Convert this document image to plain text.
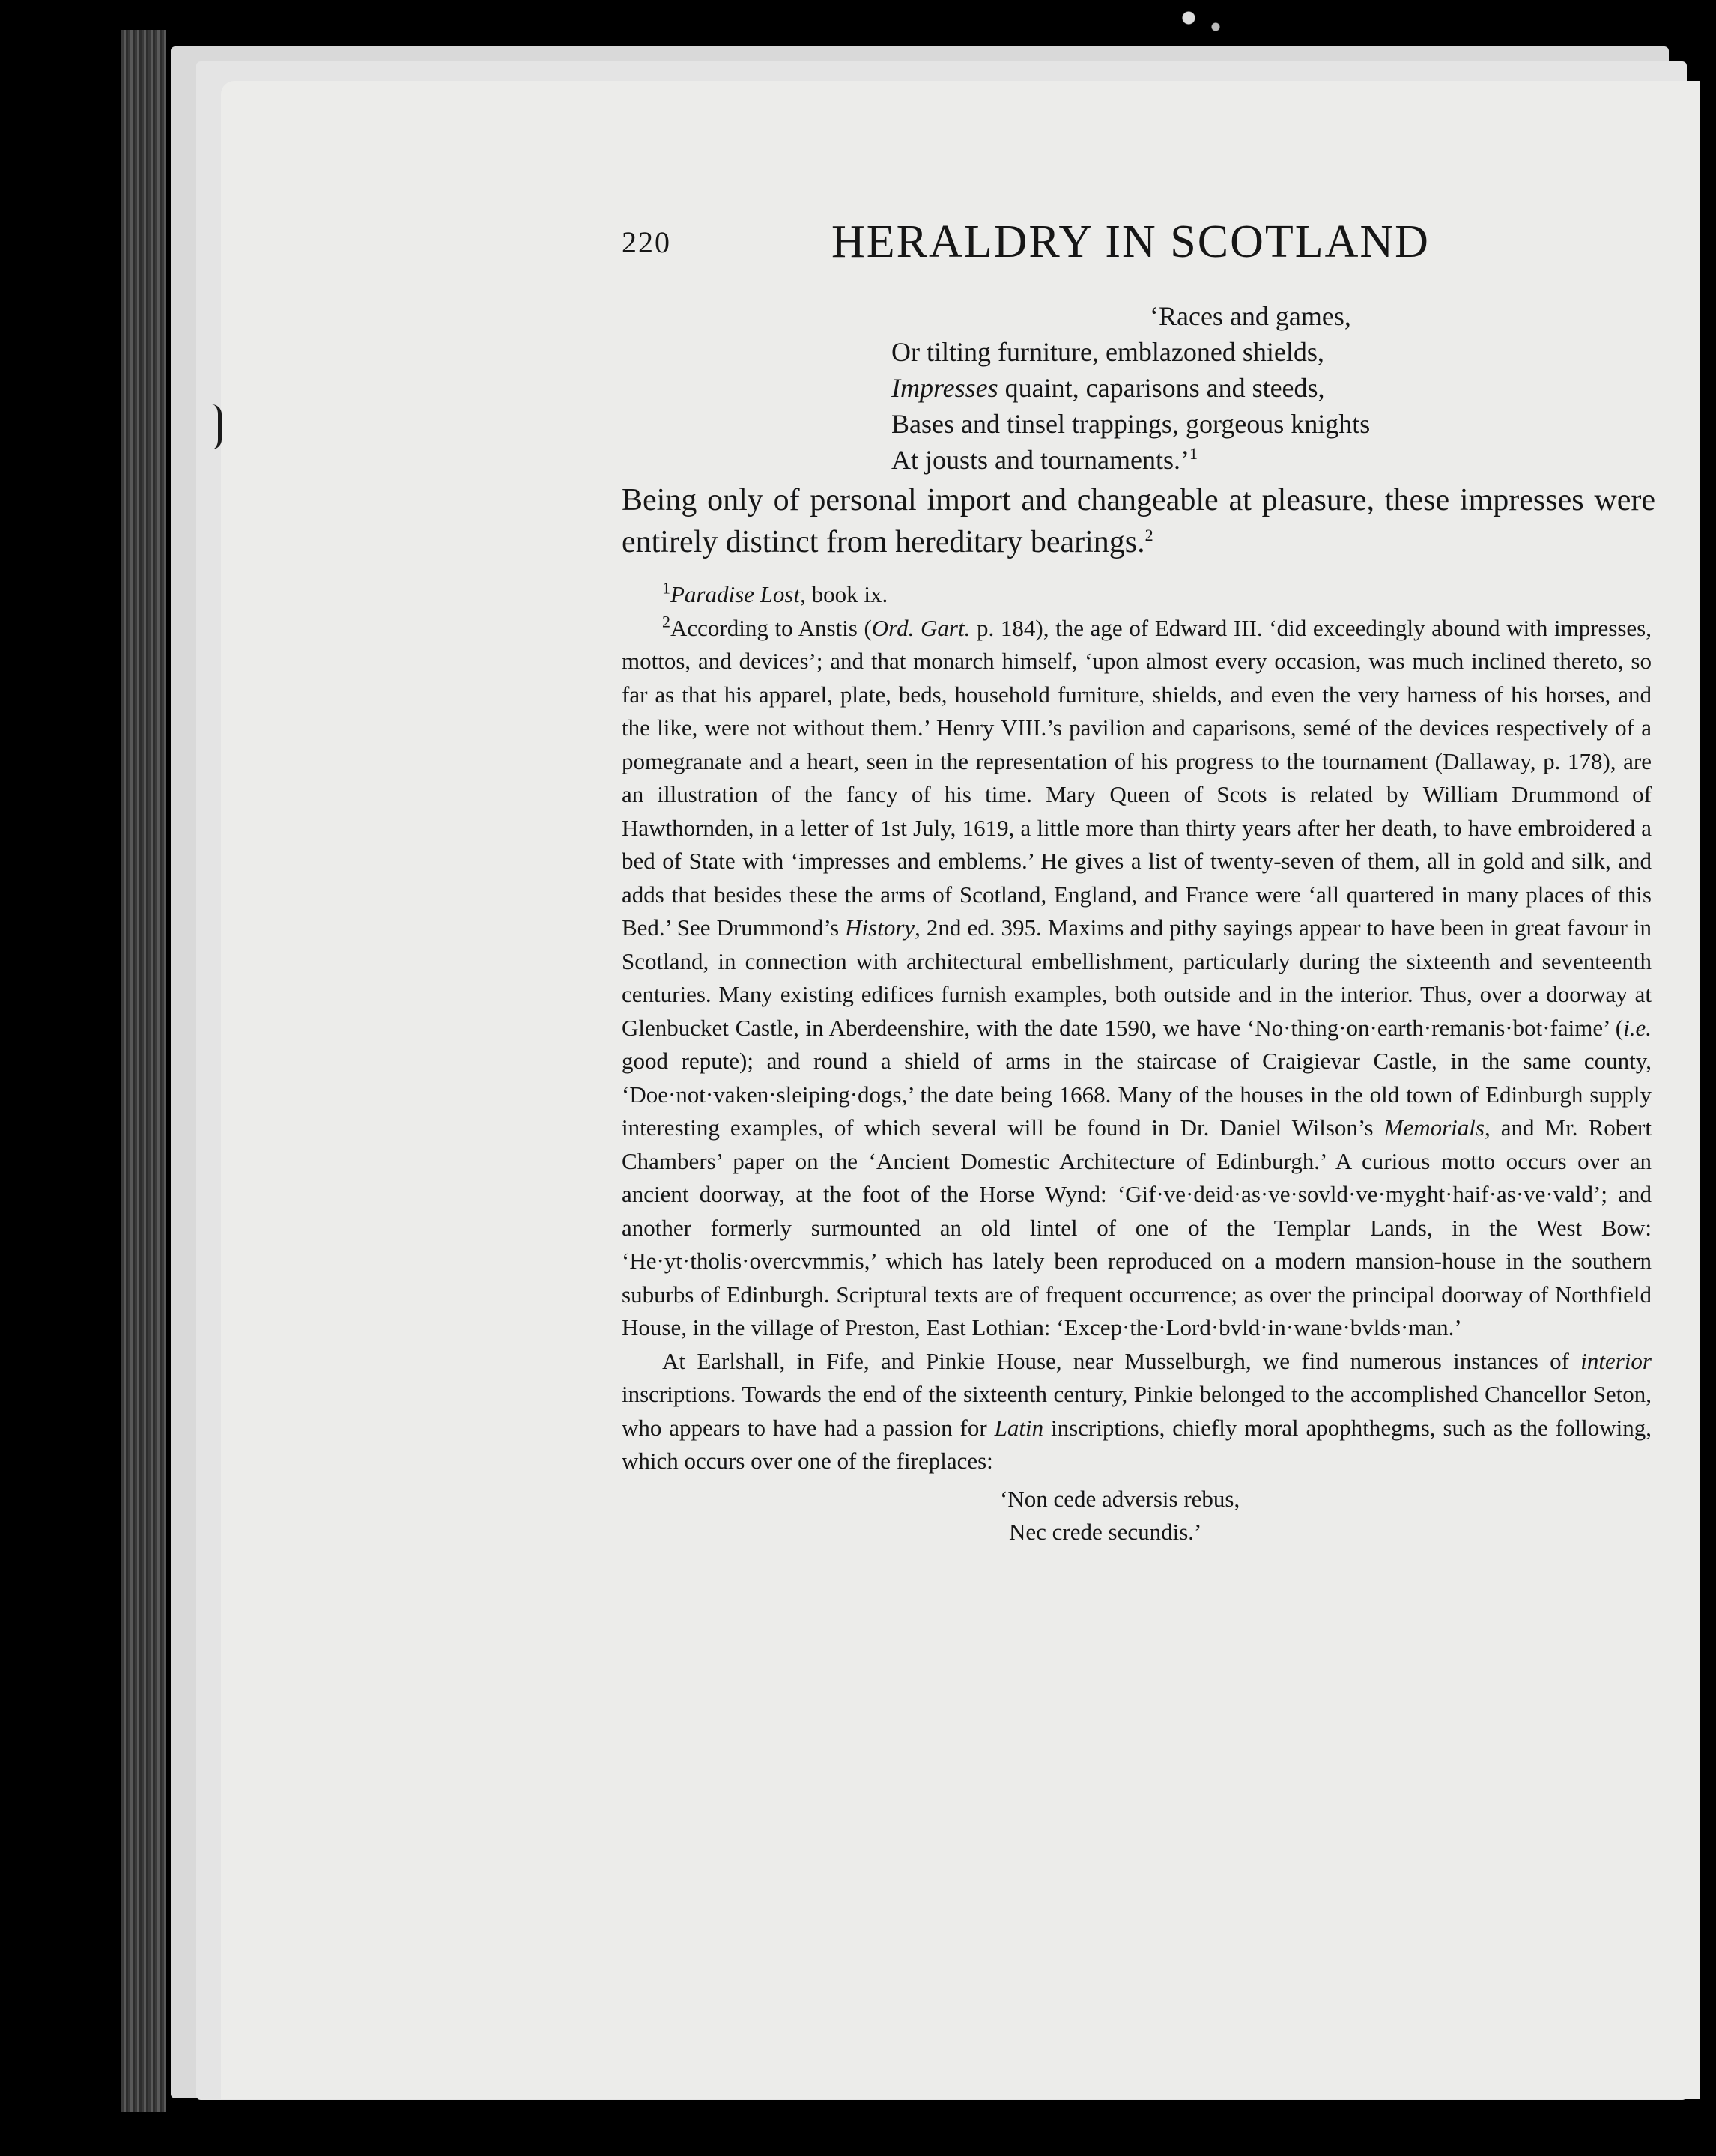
220	HERALDRY IN SCOTLAND
‘Races and games,
Or tilting furniture, emblazoned shields,
Impresses quaint, caparisons and steeds,
Bases and tinsel trappings, gorgeous knights
At jousts and tournaments.’$^1$
Being only of personal import and changeable at pleasure, these impresses were entirely distinct from hereditary bearings.$^2$

$^1$Paradise Lost, book ix.

$^2$According to Anstis (Ord. Gart. p. 184), the age of Edward III. ‘did exceedingly abound with impresses, mottos, and devices’; and that monarch himself, ‘upon almost every occasion, was much inclined thereto, so far as that his apparel, plate, beds, household furniture, shields, and even the very harness of his horses, and the like, were not without them.’ Henry VIII.’s pavilion and caparisons, semé of the devices respectively of a pomegranate and a heart, seen in the representation of his progress to the tournament (Dallaway, p. 178), are an illustration of the fancy of his time. Mary Queen of Scots is related by William Drummond of Hawthornden, in a letter of 1st July, 1619, a little more than thirty years after her death, to have embroidered a bed of State with ‘impresses and emblems.’ He gives a list of twenty-seven of them, all in gold and silk, and adds that besides these the arms of Scotland, England, and France were ‘all quartered in many places of this Bed.’ See Drummond’s History, 2nd ed. 395. Maxims and pithy sayings appear to have been in great favour in Scotland, in connection with architectural embellishment, particularly during the sixteenth and seventeenth centuries. Many existing edifices furnish examples, both outside and in the interior. Thus, over a doorway at Glenbucket Castle, in Aberdeenshire, with the date 1590, we have ‘No·thing·on·earth·remanis·bot·faime’ (i.e. good repute); and round a shield of arms in the staircase of Craigievar Castle, in the same county, ‘Doe·not·vaken·sleiping·dogs,’ the date being 1668. Many of the houses in the old town of Edinburgh supply interesting examples, of which several will be found in Dr. Daniel Wilson’s Memorials, and Mr. Robert Chambers’ paper on the ‘Ancient Domestic Architecture of Edinburgh.’ A curious motto occurs over an ancient doorway, at the foot of the Horse Wynd: ‘Gif·ve·deid·as·ve·sovld·ve·myght·haif·as·ve·vald’; and another formerly surmounted an old lintel of one of the Templar Lands, in the West Bow: ‘He·yt·tholis·overcvmmis,’ which has lately been reproduced on a modern mansion-house in the southern suburbs of Edinburgh. Scriptural texts are of frequent occurrence; as over the principal doorway of Northfield House, in the village of Preston, East Lothian: ‘Excep·the·Lord·bvld·in·wane·bvlds·man.’

At Earlshall, in Fife, and Pinkie House, near Musselburgh, we find numerous instances of interior inscriptions. Towards the end of the sixteenth century, Pinkie belonged to the accomplished Chancellor Seton, who appears to have had a passion for Latin inscriptions, chiefly moral apophthegms, such as the following, which occurs over one of the fireplaces:

‘Non cede adversis rebus,
Nec crede secundis.’
